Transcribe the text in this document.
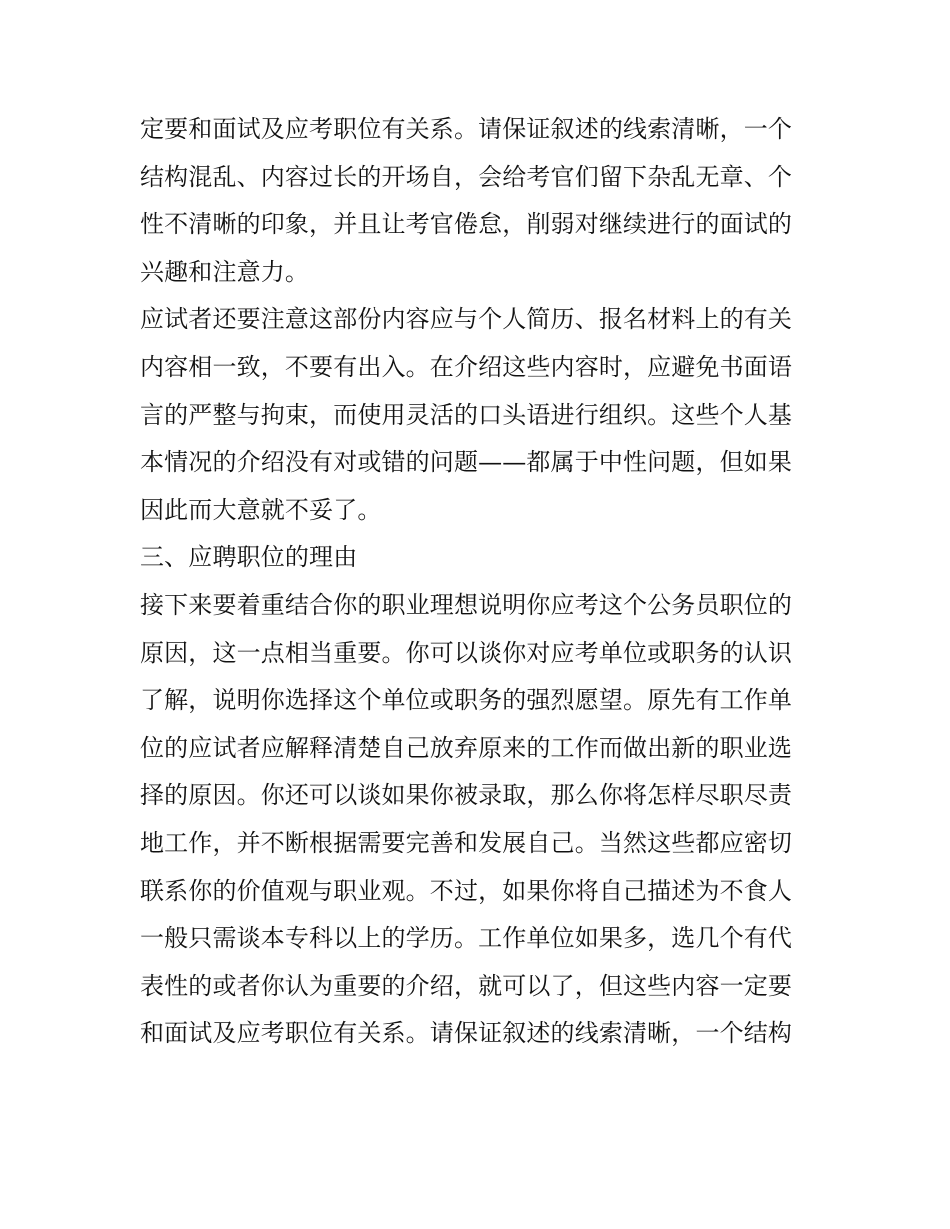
定要和面试及应考职位有关系。请保证叙述的线索清晰，一个
结构混乱、内容过长的开场自，会给考官们留下杂乱无章、个
性不清晰的印象，并且让考官倦怠，削弱对继续进行的面试的
兴趣和注意力。
应试者还要注意这部份内容应与个人简历、报名材料上的有关
内容相一致，不要有出入。在介绍这些内容时，应避免书面语
言的严整与拘束，而使用灵活的口头语进行组织。这些个人基
本情况的介绍没有对或错的问题——都属于中性问题，但如果
因此而大意就不妥了。
三、应聘职位的理由
接下来要着重结合你的职业理想说明你应考这个公务员职位的
原因，这一点相当重要。你可以谈你对应考单位或职务的认识
了解，说明你选择这个单位或职务的强烈愿望。原先有工作单
位的应试者应解释清楚自己放弃原来的工作而做出新的职业选
择的原因。你还可以谈如果你被录取，那么你将怎样尽职尽责
地工作，并不断根据需要完善和发展自己。当然这些都应密切
联系你的价值观与职业观。不过，如果你将自己描述为不食人
一般只需谈本专科以上的学历。工作单位如果多，选几个有代
表性的或者你认为重要的介绍，就可以了，但这些内容一定要
和面试及应考职位有关系。请保证叙述的线索清晰，一个结构
